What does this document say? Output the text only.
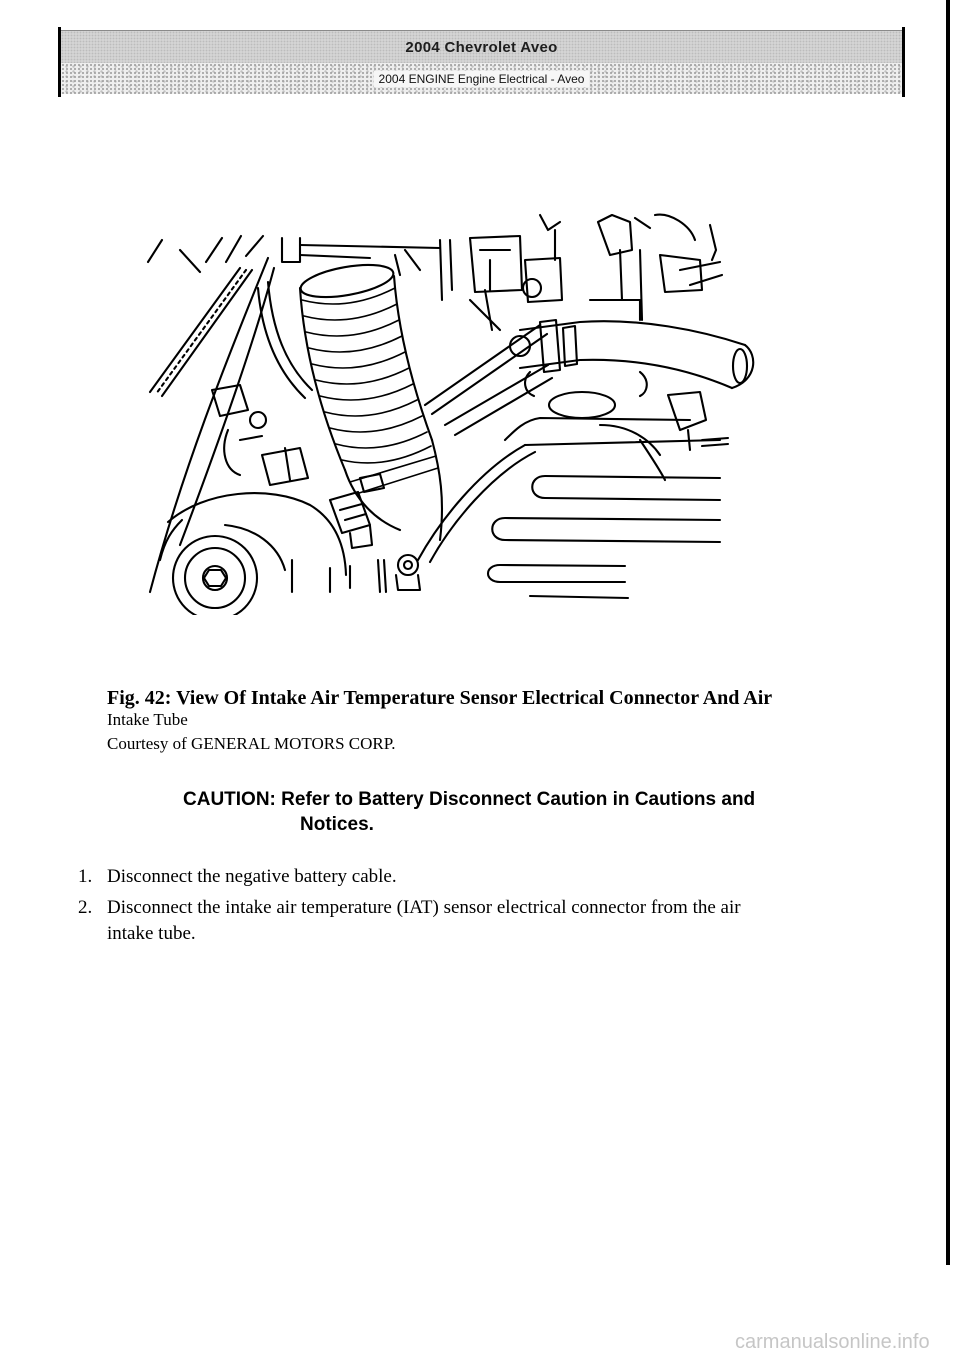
2004 Chevrolet Aveo
2004 ENGINE Engine Electrical - Aveo
Fig. 42: View Of Intake Air Temperature Sensor Electrical Connector And Air
Intake Tube
Courtesy of GENERAL MOTORS CORP.
CAUTION: Refer to Battery Disconnect Caution in Cautions and
Notices.
1. Disconnect the negative battery cable.
2. Disconnect the intake air temperature (IAT) sensor electrical connector from the air
intake tube.
carmanualsonline.info
